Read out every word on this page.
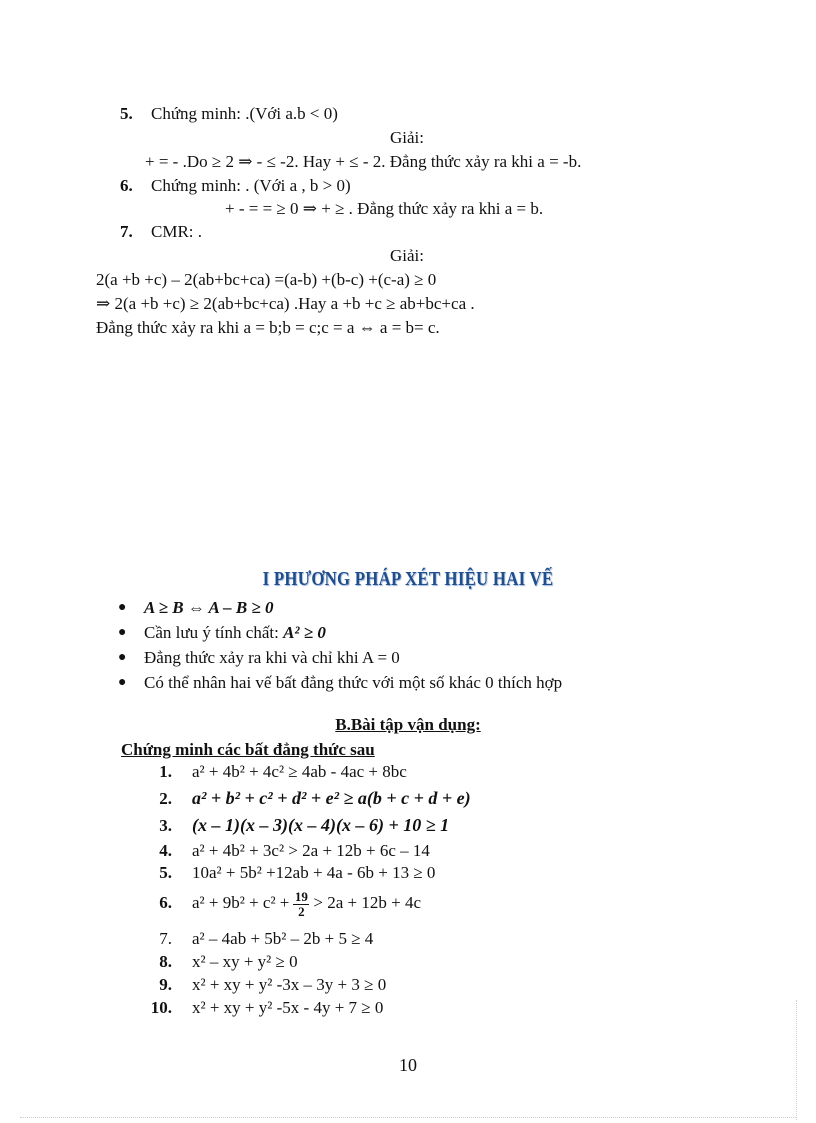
5. Chứng minh: .(Với a.b < 0)
Giải:
+ = - .Do ≥ 2 ⇒ - ≤ -2. Hay + ≤ - 2. Đẳng thức xảy ra khi a = -b.
6. Chứng minh: . (Với a , b > 0)
+ - = = ≥ 0 ⇒ + ≥ . Đẳng thức xảy ra khi a = b.
7. CMR: .
Giải:
2(a +b +c) – 2(ab+bc+ca) =(a-b) +(b-c) +(c-a) ≥ 0
⇒ 2(a +b +c) ≥ 2(ab+bc+ca) .Hay a +b +c ≥ ab+bc+ca .
Đẳng thức xảy ra khi a = b;b = c;c = a ⇔ a = b= c.
I PHƯƠNG PHÁP XÉT HIỆU HAI VẾ
● A ≥ B ⇔ A – B ≥ 0
● Cần lưu ý tính chất: A² ≥ 0
● Đẳng thức xảy ra khi và chỉ khi A = 0
● Có thể nhân hai vế bất đẳng thức với một số khác 0 thích hợp
B.Bài tập vận dụng:
Chứng minh các bất đẳng thức sau
1. a² + 4b² + 4c² ≥ 4ab - 4ac + 8bc
2. a² + b² + c² + d² + e² ≥ a(b + c + d + e)
3. (x – 1)(x – 3)(x – 4)(x – 6) + 10 ≥ 1
4. a² + 4b² + 3c² > 2a + 12b + 6c – 14
5. 10a² + 5b² +12ab + 4a - 6b + 13 ≥ 0
6. $a^2 + 9b^2 + c^2 + \frac{19}{2} > 2a + 12b + 4c$
7. a² – 4ab + 5b² – 2b + 5 ≥ 4
8. x² – xy + y² ≥ 0
9. x² + xy + y² -3x – 3y + 3 ≥ 0
10. x² + xy + y² -5x - 4y + 7 ≥ 0
10
